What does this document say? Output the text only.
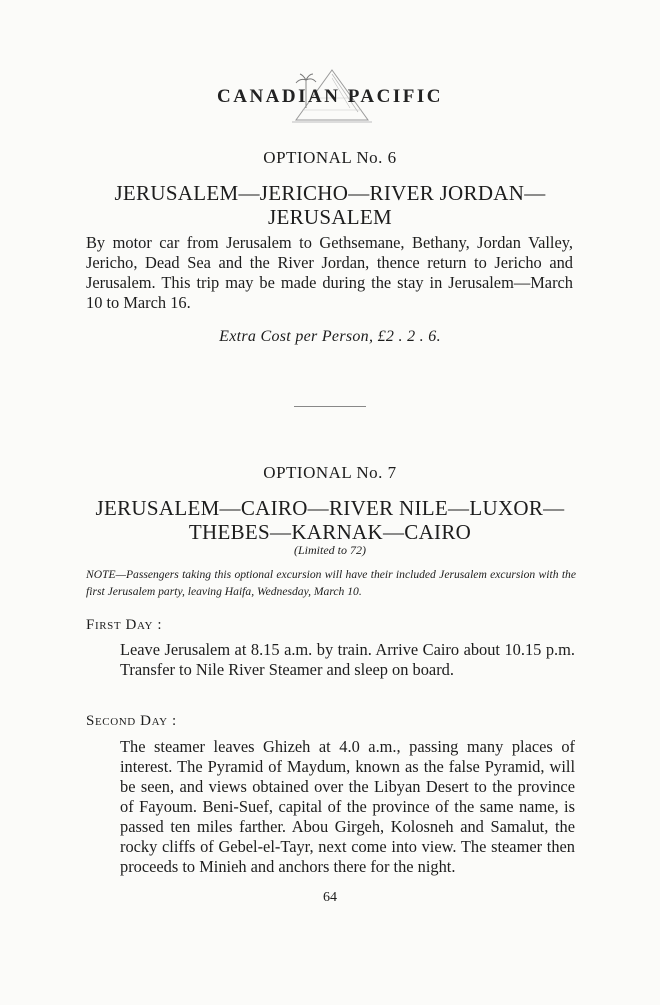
CANADIAN PACIFIC
OPTIONAL No. 6
JERUSALEM—JERICHO—RIVER JORDAN—
JERUSALEM
By motor car from Jerusalem to Gethsemane, Bethany, Jordan Valley, Jericho, Dead Sea and the River Jordan, thence return to Jericho and Jerusalem. This trip may be made during the stay in Jerusalem—March 10 to March 16.
Extra Cost per Person, £2 . 2 . 6.
OPTIONAL No. 7
JERUSALEM—CAIRO—RIVER NILE—LUXOR—
THEBES—KARNAK—CAIRO
(Limited to 72)
NOTE—Passengers taking this optional excursion will have their included Jerusalem excursion with the first Jerusalem party, leaving Haifa, Wednesday, March 10.
First Day :
Leave Jerusalem at 8.15 a.m. by train. Arrive Cairo about 10.15 p.m. Transfer to Nile River Steamer and sleep on board.
Second Day :
The steamer leaves Ghizeh at 4.0 a.m., passing many places of interest. The Pyramid of Maydum, known as the false Pyramid, will be seen, and views obtained over the Libyan Desert to the province of Fayoum. Beni-Suef, capital of the province of the same name, is passed ten miles farther. Abou Girgeh, Kolosneh and Samalut, the rocky cliffs of Gebel-el-Tayr, next come into view. The steamer then proceeds to Minieh and anchors there for the night.
64
